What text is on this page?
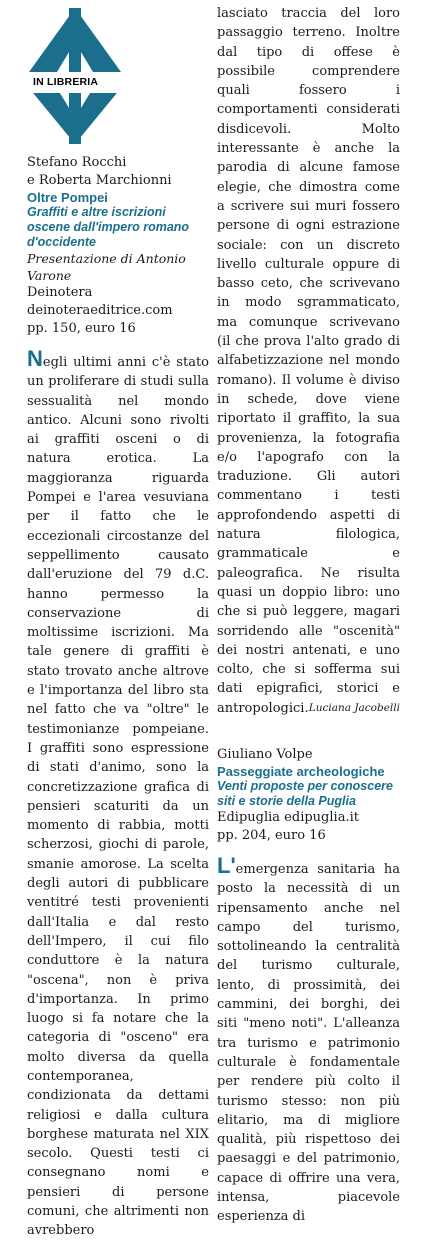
IN LIBRERIA
Stefano Rocchi
e Roberta Marchionni
Oltre Pompei
Graffiti e altre iscrizioni oscene dall'impero romano d'occidente
Presentazione di Antonio Varone
Deinotera
deinoteraeditrice.com
pp. 150, euro 16
Negli ultimi anni c'è stato un proliferare di studi sulla sessualità nel mondo antico. Alcuni sono rivolti ai graffiti osceni o di natura erotica. La maggioranza riguarda Pompei e l'area vesuviana per il fatto che le eccezionali circostanze del seppellimento causato dall'eruzione del 79 d.C. hanno permesso la conservazione di moltissime iscrizioni. Ma tale genere di graffiti è stato trovato anche altrove e l'importanza del libro sta nel fatto che va "oltre" le testimonianze pompeiane. I graffiti sono espressione di stati d'animo, sono la concretizzazione grafica di pensieri scaturiti da un momento di rabbia, motti scherzosi, giochi di parole, smanie amorose. La scelta degli autori di pubblicare ventitré testi provenienti dall'Italia e dal resto dell'Impero, il cui filo conduttore è la natura "oscena", non è priva d'importanza. In primo luogo si fa notare che la categoria di "osceno" era molto diversa da quella contemporanea, condizionata da dettami religiosi e dalla cultura borghese maturata nel XIX secolo. Questi testi ci consegnano nomi e pensieri di persone comuni, che altrimenti non avrebbero
lasciato traccia del loro passaggio terreno. Inoltre dal tipo di offese è possibile comprendere quali fossero i comportamenti considerati disdicevoli. Molto interessante è anche la parodia di alcune famose elegie, che dimostra come a scrivere sui muri fossero persone di ogni estrazione sociale: con un discreto livello culturale oppure di basso ceto, che scrivevano in modo sgrammaticato, ma comunque scrivevano (il che prova l'alto grado di alfabetizzazione nel mondo romano). Il volume è diviso in schede, dove viene riportato il graffito, la sua provenienza, la fotografia e/o l'apografo con la traduzione. Gli autori commentano i testi approfondendo aspetti di natura filologica, grammaticale e paleografica. Ne risulta quasi un doppio libro: uno che si può leggere, magari sorridendo alle "oscenità" dei nostri antenati, e uno colto, che si sofferma sui dati epigrafici, storici e antropologici. Luciana Jacobelli
Giuliano Volpe
Passeggiate archeologiche
Venti proposte per conoscere siti e storie della Puglia
Edipuglia edipuglia.it
pp. 204, euro 16
L'emergenza sanitaria ha posto la necessità di un ripensamento anche nel campo del turismo, sottolineando la centralità del turismo culturale, lento, di prossimità, dei cammini, dei borghi, dei siti "meno noti". L'alleanza tra turismo e patrimonio culturale è fondamentale per rendere più colto il turismo stesso: non più elitario, ma di migliore qualità, più rispettoso dei paesaggi e del patrimonio, capace di offrire una vera, intensa, piacevole esperienza di
